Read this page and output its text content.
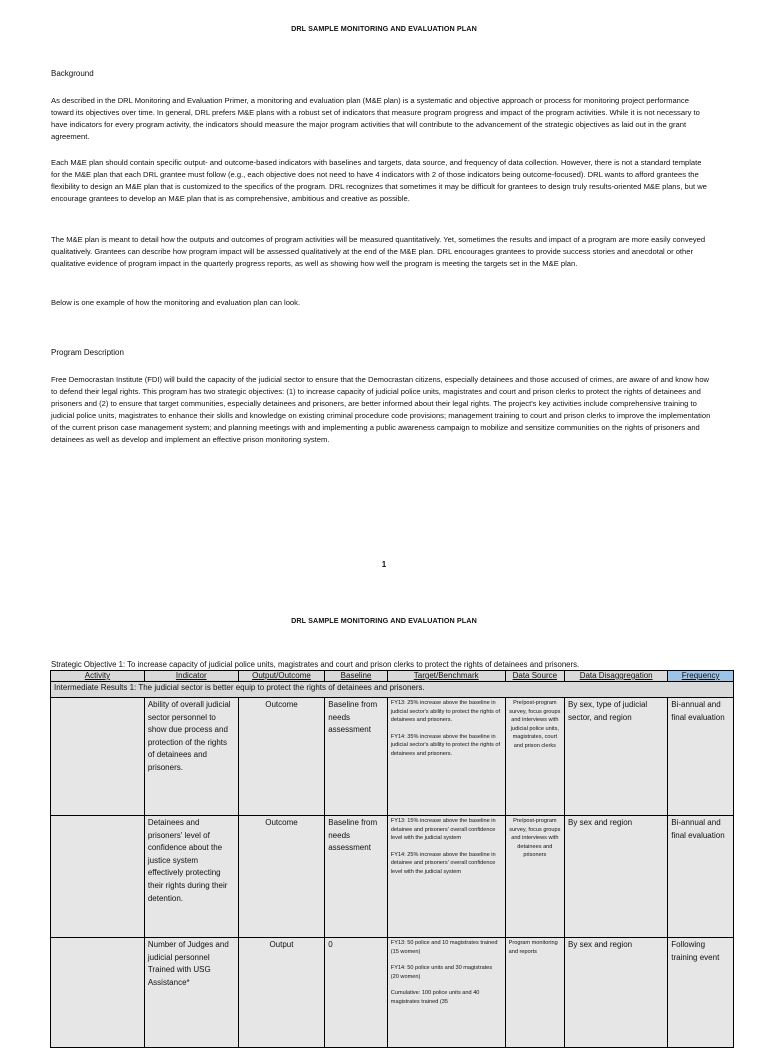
DRL SAMPLE MONITORING AND EVALUATION PLAN
Background
As described in the DRL Monitoring and Evaluation Primer, a monitoring and evaluation plan (M&E plan) is a systematic and objective approach or process for monitoring project performance toward its objectives over time. In general, DRL prefers M&E plans with a robust set of indicators that measure program progress and impact of the program activities. While it is not necessary to have indicators for every program activity, the indicators should measure the major program activities that will contribute to the advancement of the strategic objectives as laid out in the grant agreement.
Each M&E plan should contain specific output- and outcome-based indicators with baselines and targets, data source, and frequency of data collection. However, there is not a standard template for the M&E plan that each DRL grantee must follow (e.g., each objective does not need to have 4 indicators with 2 of those indicators being outcome-focused). DRL wants to afford grantees the flexibility to design an M&E plan that is customized to the specifics of the program. DRL recognizes that sometimes it may be difficult for grantees to design truly results-oriented M&E plans, but we encourage grantees to develop an M&E plan that is as comprehensive, ambitious and creative as possible.
The M&E plan is meant to detail how the outputs and outcomes of program activities will be measured quantitatively. Yet, sometimes the results and impact of a program are more easily conveyed qualitatively. Grantees can describe how program impact will be assessed qualitatively at the end of the M&E plan. DRL encourages grantees to provide success stories and anecdotal or other qualitative evidence of program impact in the quarterly progress reports, as well as showing how well the program is meeting the targets set in the M&E plan.
Below is one example of how the monitoring and evaluation plan can look.
Program Description
Free Democrastan Institute (FDI) will build the capacity of the judicial sector to ensure that the Democrastan citizens, especially detainees and those accused of crimes, are aware of and know how to defend their legal rights. This program has two strategic objectives: (1) to increase capacity of judicial police units, magistrates and court and prison clerks to protect the rights of detainees and prisoners and (2) to ensure that target communities, especially detainees and prisoners, are better informed about their legal rights. The project's key activities include comprehensive training to judicial police units, magistrates to enhance their skills and knowledge on existing criminal procedure code provisions; management training to court and prison clerks to improve the implementation of the current prison case management system; and planning meetings with and implementing a public awareness campaign to mobilize and sensitize communities on the rights of prisoners and detainees as well as develop and implement an effective prison monitoring system.
1
DRL SAMPLE MONITORING AND EVALUATION PLAN
Strategic Objective 1: To increase capacity of judicial police units, magistrates and court and prison clerks to protect the rights of detainees and prisoners.
Activity	Indicator	Output/Outcome	Baseline	Target/Benchmark	Data Source	Data Disaggregation	Frequency
Intermediate Results 1: The judicial sector is better equip to protect the rights of detainees and prisoners.							
	Ability of overall judicial sector personnel to show due process and protection of the rights of detainees and prisoners.	Outcome	Baseline from needs assessment	FY13: 25% increase above the baseline in judicial sector's ability to protect the rights of detainees and prisoners.
FY14: 35% increase above the baseline in judicial sector's ability to protect the rights of detainees and prisoners.	Pre/post-program survey, focus groups and interviews with judicial police units, magistrates, court and prison clerks	By sex, type of judicial sector, and region	Bi-annual and final evaluation
	Detainees and prisoners' level of confidence about the justice system effectively protecting their rights during their detention.	Outcome	Baseline from needs assessment	FY13: 15% increase above the baseline in detainee and prisoners' overall confidence level with the judicial system
FY14: 25% increase above the baseline in detainee and prisoners' overall confidence level with the judicial system	Pre/post-program survey, focus groups and interviews with detainees and prisoners	By sex and region	Bi-annual and final evaluation
	Number of Judges and judicial personnel Trained with USG Assistance*	Output	0	FY13: 50 police and 10 magistrates trained (15 women)
FY14: 50 police units and 30 magistrates (20 women)
Cumulative: 100 police units and 40 magistrates trained (35	Program monitoring and reports	By sex and region	Following training event
